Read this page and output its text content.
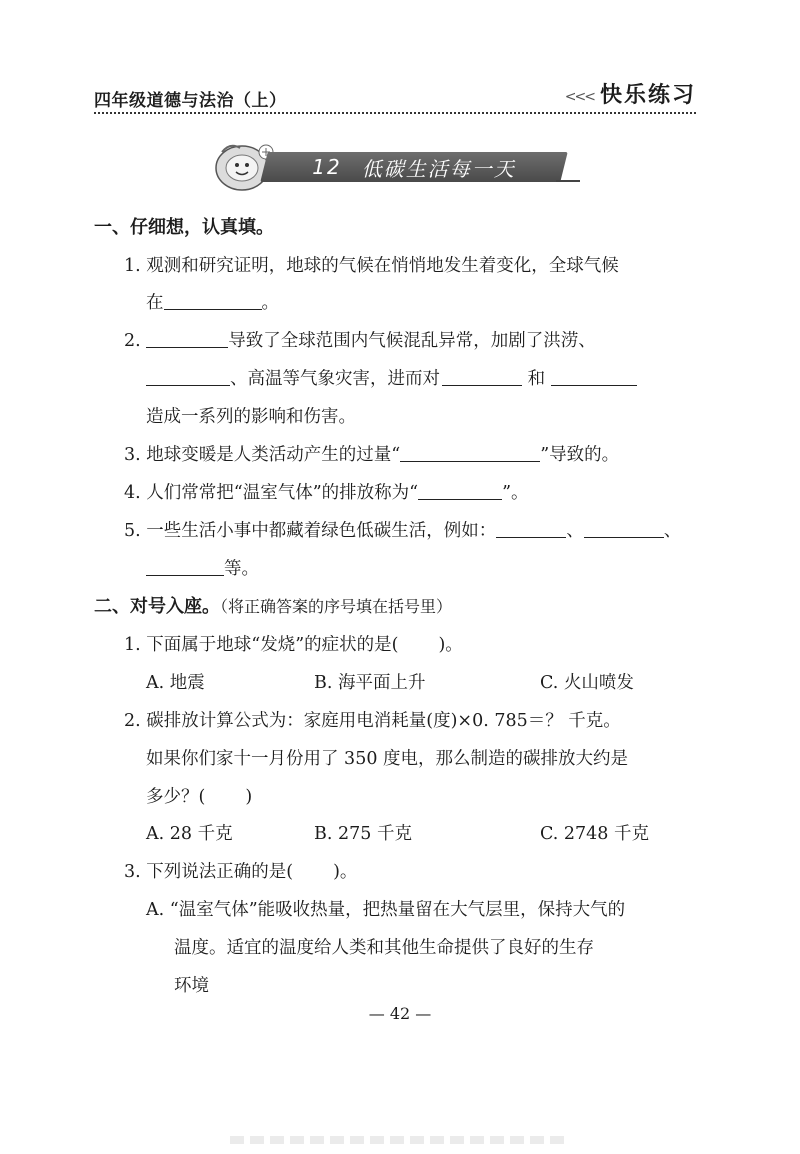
四年级道德与法治（上）	<<< 快乐练习
12 低碳生活每一天
一、仔细想，认真填。
1. 观测和研究证明，地球的气候在悄悄地发生着变化，全球气候
在	。
2.	导致了全球范围内气候混乱异常，加剧了洪涝、
、高温等气象灾害，进而对	和
造成一系列的影响和伤害。
3. 地球变暖是人类活动产生的过量“	”导致的。
4. 人们常常把“温室气体”的排放称为“	”。
5. 一些生活小事中都藏着绿色低碳生活，例如：	、	、
等。
二、对号入座。（将正确答案的序号填在括号里）
1. 下面属于地球“发烧”的症状的是( )。
A. 地震	B. 海平面上升	C. 火山喷发
2. 碳排放计算公式为：家庭用电消耗量(度)×0. 785＝？ 千克。
如果你们家十一月份用了 350 度电，那么制造的碳排放大约是
多少？( )
A. 28 千克	B. 275 千克	C. 2748 千克
3. 下列说法正确的是( )。
A. “温室气体”能吸收热量，把热量留在大气层里，保持大气的
温度。适宜的温度给人类和其他生命提供了良好的生存
环境
— 42 —
